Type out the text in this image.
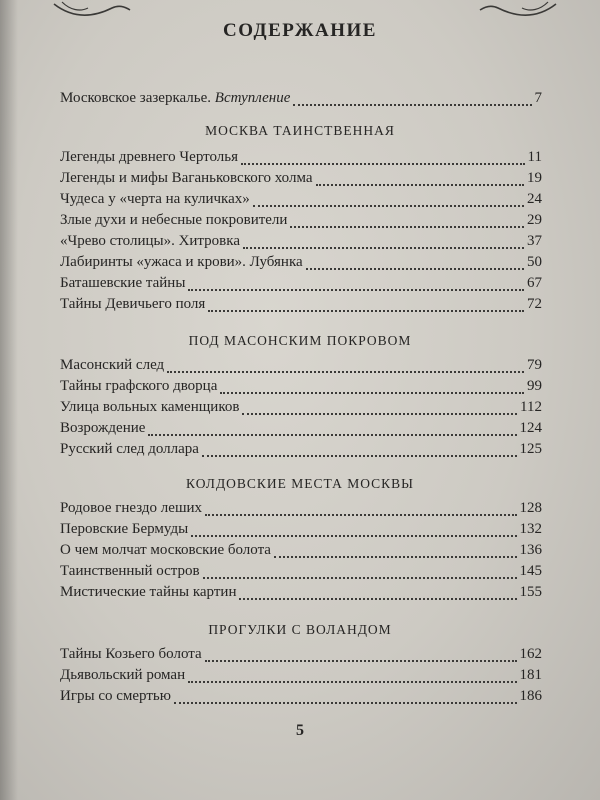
СОДЕРЖАНИЕ
Московское зазеркалье. Вступление	7
МОСКВА ТАИНСТВЕННАЯ
Легенды древнего Чертолья	11
Легенды и мифы Ваганьковского холма	19
Чудеса у «черта на куличках»	24
Злые духи и небесные покровители	29
«Чрево столицы». Хитровка	37
Лабиринты «ужаса и крови». Лубянка	50
Баташевские тайны	67
Тайны Девичьего поля	72
ПОД МАСОНСКИМ ПОКРОВОМ
Масонский след	79
Тайны графского дворца	99
Улица вольных каменщиков	112
Возрождение	124
Русский след доллара	125
КОЛДОВСКИЕ МЕСТА МОСКВЫ
Родовое гнездо леших	128
Перовские Бермуды	132
О чем молчат московские болота	136
Таинственный остров	145
Мистические тайны картин	155
ПРОГУЛКИ С ВОЛАНДОМ
Тайны Козьего болота	162
Дьявольский роман	181
Игры со смертью	186
5
